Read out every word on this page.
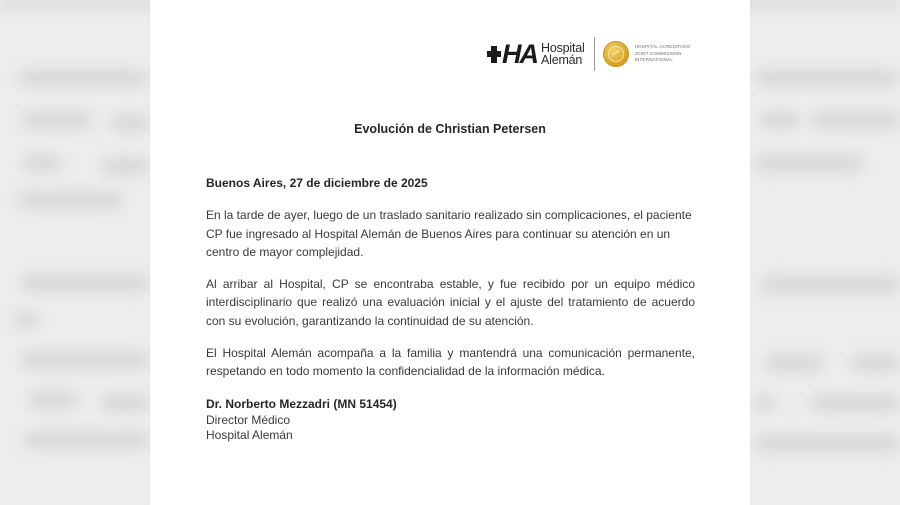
HA Hospital
Alemán
HOSPITAL ACREDITADO
JOINT COMMISSION
INTERNATIONAL
Evolución de Christian Petersen

Buenos Aires, 27 de diciembre de 2025

En la tarde de ayer, luego de un traslado sanitario realizado sin complicaciones, el paciente CP fue ingresado al Hospital Alemán de Buenos Aires para continuar su atención en un centro de mayor complejidad.

Al arribar al Hospital, CP se encontraba estable, y fue recibido por un equipo médico interdisciplinario que realizó una evaluación inicial y el ajuste del tratamiento de acuerdo con su evolución, garantizando la continuidad de su atención.

El Hospital Alemán acompaña a la familia y mantendrá una comunicación permanente, respetando en todo momento la confidencialidad de la información médica.

Dr. Norberto Mezzadri (MN 51454)
Director Médico
Hospital Alemán
